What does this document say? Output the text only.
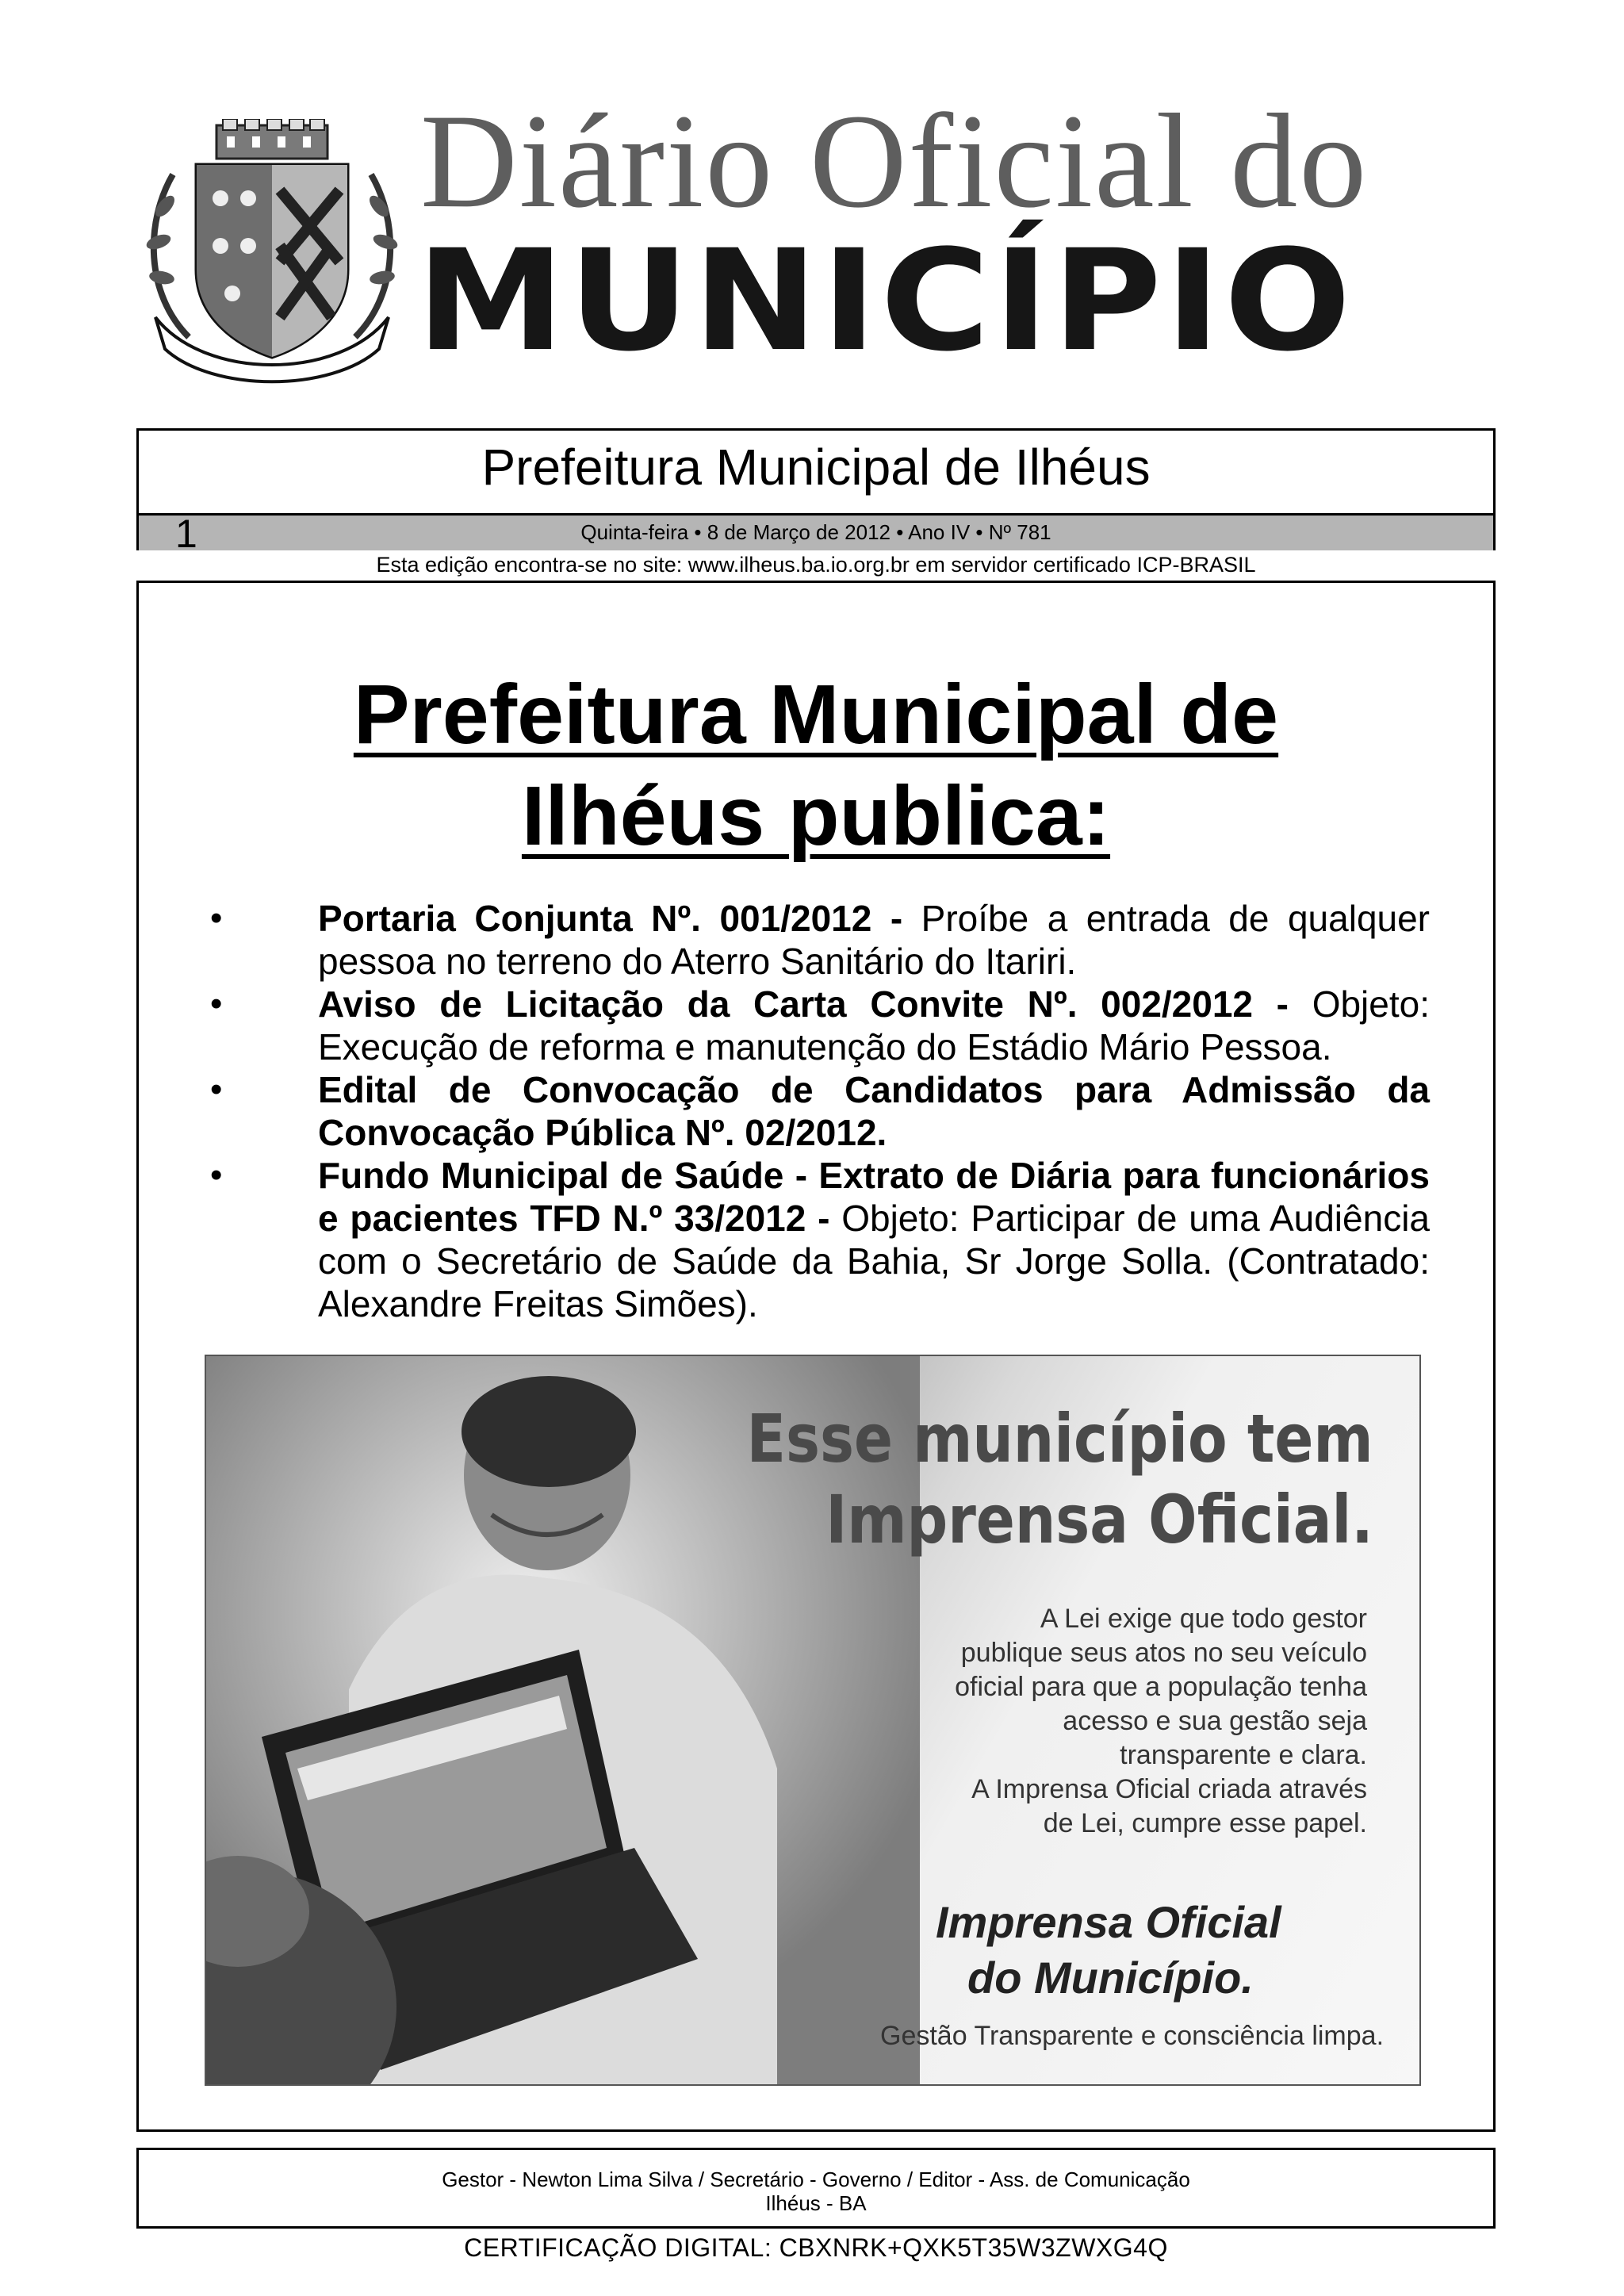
Diário Oficial do
MUNICÍPIO
Prefeitura Municipal de Ilhéus
Quinta-feira • 8 de Março de 2012 • Ano IV • Nº 781
1
Esta edição encontra-se no site: www.ilheus.ba.io.org.br em servidor certificado ICP-BRASIL
Prefeitura Municipal de
Ilhéus publica:
•	Portaria Conjunta Nº. 001/2012 - Proíbe a entrada de qualquer pessoa no terreno do Aterro Sanitário do Itariri.
•	Aviso de Licitação da Carta Convite Nº. 002/2012 - Objeto: Execução de reforma e manutenção do Estádio Mário Pessoa.
•	Edital de Convocação de Candidatos para Admissão da Convocação Pública Nº. 02/2012.
•	Fundo Municipal de Saúde - Extrato de Diária para funcionários e pacientes TFD N.º 33/2012 - Objeto: Participar de uma Audiência com o Secretário de Saúde da Bahia, Sr Jorge Solla. (Contratado: Alexandre Freitas Simões).
Esse município tem
Imprensa Oficial.
A Lei exige que todo gestor
publique seus atos no seu veículo
oficial para que a população tenha
acesso e sua gestão seja
transparente e clara.
A Imprensa Oficial criada através
de Lei, cumpre esse papel.
Imprensa Oficial
do Município.
Gestão Transparente e consciência limpa.
Gestor - Newton Lima Silva / Secretário - Governo / Editor - Ass. de Comunicação
Ilhéus - BA
CERTIFICAÇÃO DIGITAL: CBXNRK+QXK5T35W3ZWXG4Q
